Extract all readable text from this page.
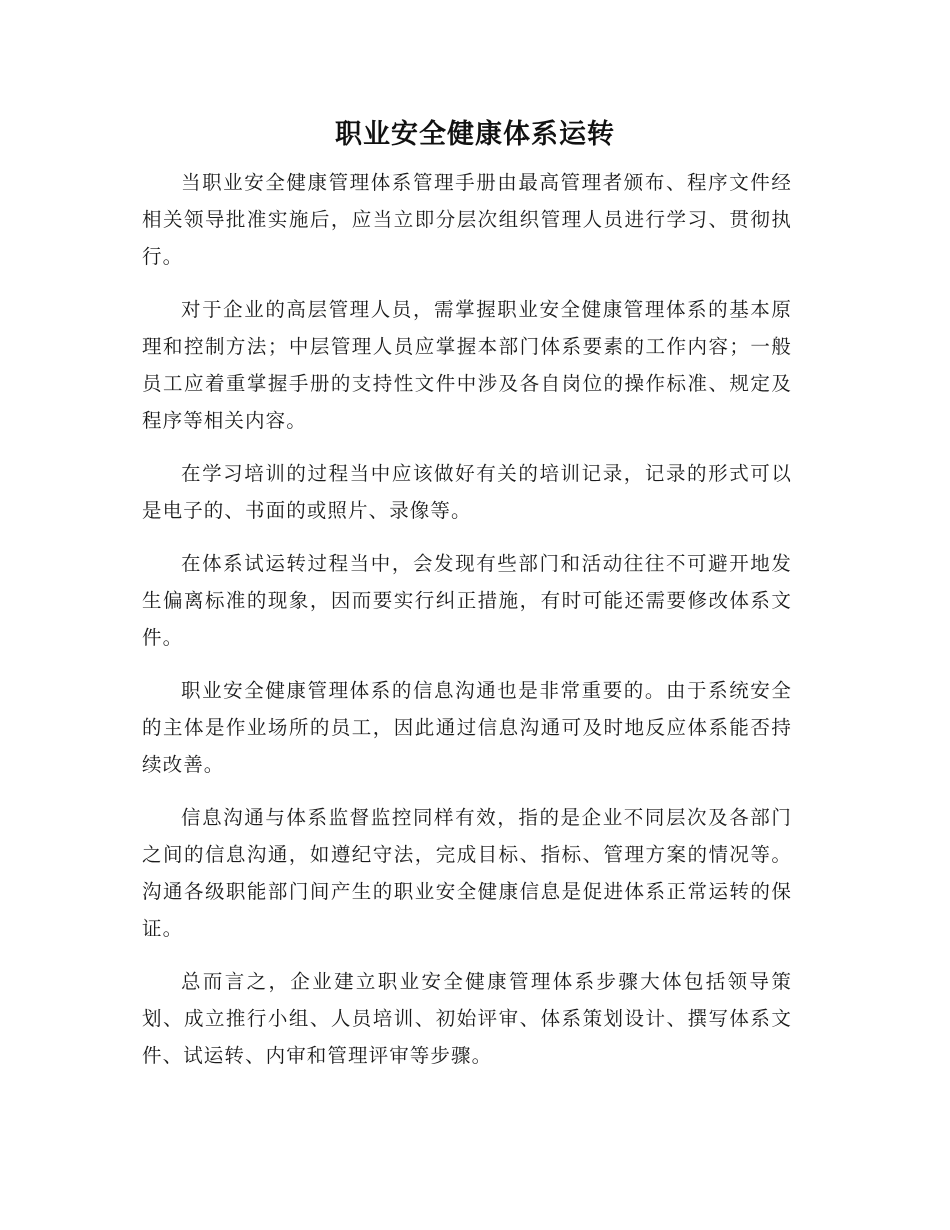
职业安全健康体系运转

当职业安全健康管理体系管理手册由最高管理者颁布、程序文件经相关领导批准实施后，应当立即分层次组织管理人员进行学习、贯彻执行。

对于企业的高层管理人员，需掌握职业安全健康管理体系的基本原理和控制方法；中层管理人员应掌握本部门体系要素的工作内容；一般员工应着重掌握手册的支持性文件中涉及各自岗位的操作标准、规定及程序等相关内容。

在学习培训的过程当中应该做好有关的培训记录，记录的形式可以是电子的、书面的或照片、录像等。

在体系试运转过程当中，会发现有些部门和活动往往不可避开地发生偏离标准的现象，因而要实行纠正措施，有时可能还需要修改体系文件。

职业安全健康管理体系的信息沟通也是非常重要的。由于系统安全的主体是作业场所的员工，因此通过信息沟通可及时地反应体系能否持续改善。

信息沟通与体系监督监控同样有效，指的是企业不同层次及各部门之间的信息沟通，如遵纪守法，完成目标、指标、管理方案的情况等。沟通各级职能部门间产生的职业安全健康信息是促进体系正常运转的保证。

总而言之，企业建立职业安全健康管理体系步骤大体包括领导策划、成立推行小组、人员培训、初始评审、体系策划设计、撰写体系文件、试运转、内审和管理评审等步骤。
